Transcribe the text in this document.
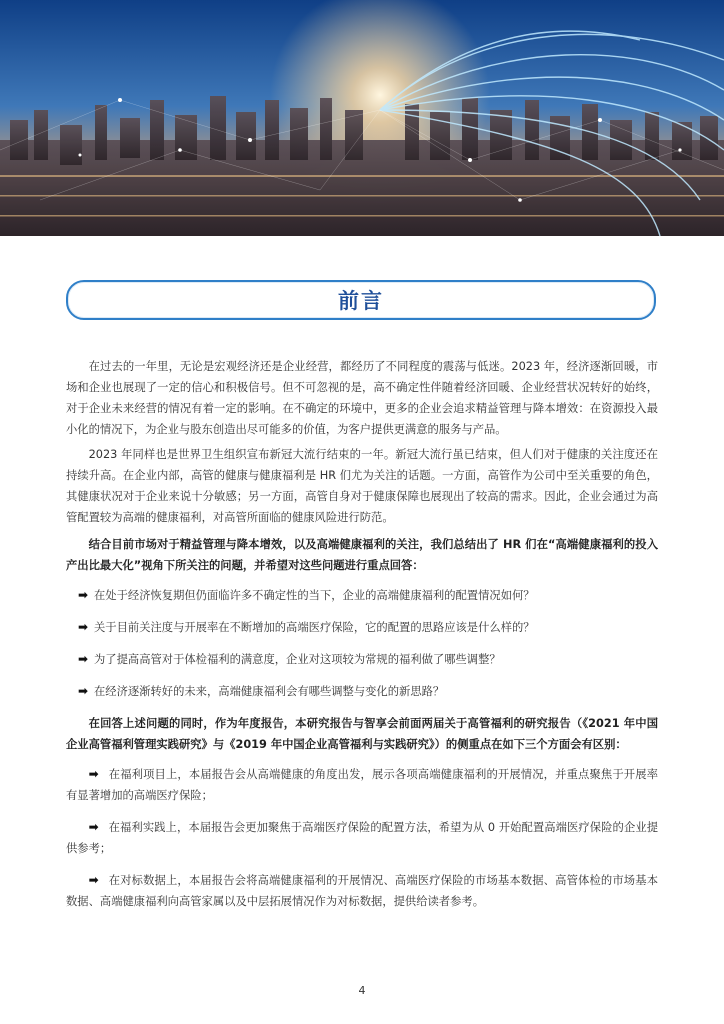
前言

在过去的一年里，无论是宏观经济还是企业经营，都经历了不同程度的震荡与低迷。2023 年，经济逐渐回暖，市场和企业也展现了一定的信心和积极信号。但不可忽视的是，高不确定性伴随着经济回暖、企业经营状况转好的始终，对于企业未来经营的情况有着一定的影响。在不确定的环境中，更多的企业会追求精益管理与降本增效：在资源投入最小化的情况下，为企业与股东创造出尽可能多的价值，为客户提供更满意的服务与产品。

2023 年同样也是世界卫生组织宣布新冠大流行结束的一年。新冠大流行虽已结束，但人们对于健康的关注度还在持续升高。在企业内部，高管的健康与健康福利是 HR 们尤为关注的话题。一方面，高管作为公司中至关重要的角色，其健康状况对于企业来说十分敏感；另一方面，高管自身对于健康保障也展现出了较高的需求。因此，企业会通过为高管配置较为高端的健康福利，对高管所面临的健康风险进行防范。

结合目前市场对于精益管理与降本增效，以及高端健康福利的关注，我们总结出了 HR 们在“高端健康福利的投入产出比最大化”视角下所关注的问题，并希望对这些问题进行重点回答：

➡ 在处于经济恢复期但仍面临许多不确定性的当下，企业的高端健康福利的配置情况如何？
➡ 关于目前关注度与开展率在不断增加的高端医疗保险，它的配置的思路应该是什么样的？
➡ 为了提高高管对于体检福利的满意度，企业对这项较为常规的福利做了哪些调整？
➡ 在经济逐渐转好的未来，高端健康福利会有哪些调整与变化的新思路？

在回答上述问题的同时，作为年度报告，本研究报告与智享会前面两届关于高管福利的研究报告（《2021 年中国企业高管福利管理实践研究》与《2019 年中国企业高管福利与实践研究》）的侧重点在如下三个方面会有区别：

➡ 在福利项目上，本届报告会从高端健康的角度出发，展示各项高端健康福利的开展情况，并重点聚焦于开展率有显著增加的高端医疗保险；

➡ 在福利实践上，本届报告会更加聚焦于高端医疗保险的配置方法，希望为从 0 开始配置高端医疗保险的企业提供参考；

➡ 在对标数据上，本届报告会将高端健康福利的开展情况、高端医疗保险的市场基本数据、高管体检的市场基本数据、高端健康福利向高管家属以及中层拓展情况作为对标数据，提供给读者参考。

4
